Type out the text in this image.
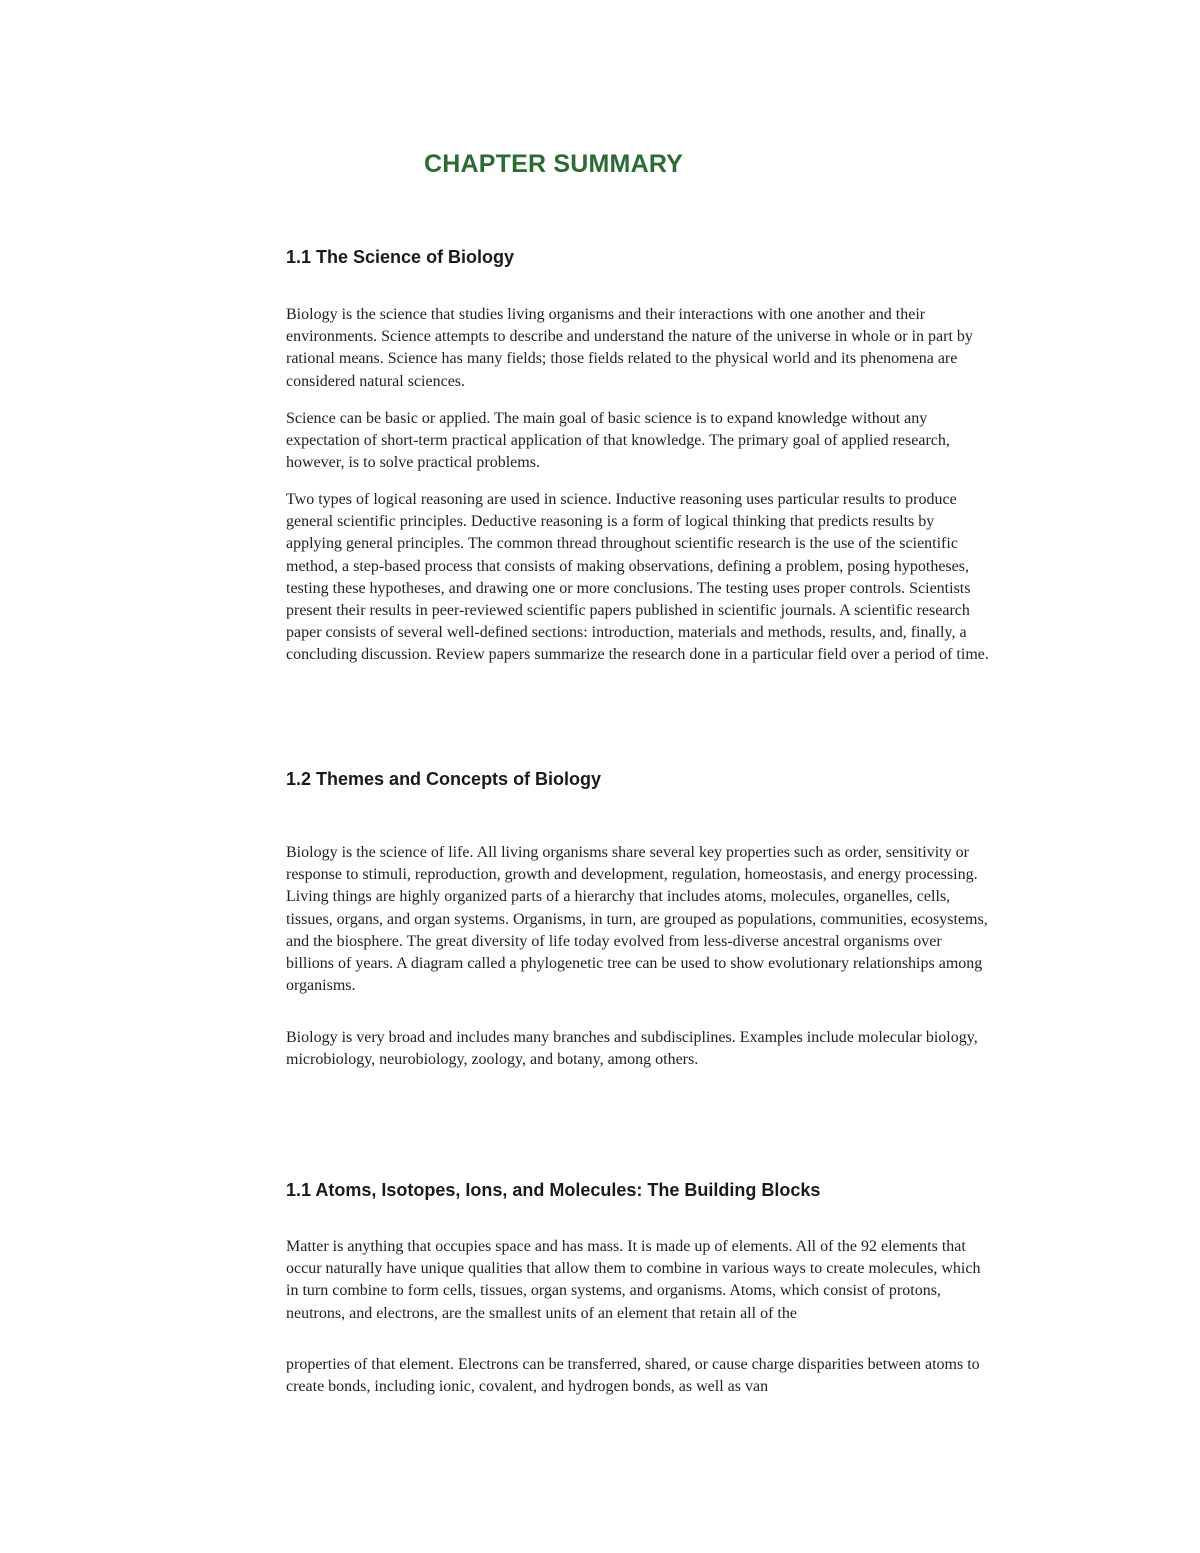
CHAPTER SUMMARY
1.1 The Science of Biology

Biology is the science that studies living organisms and their interactions with one another and their environments. Science attempts to describe and understand the nature of the universe in whole or in part by rational means. Science has many fields; those fields related to the physical world and its phenomena are considered natural sciences.

Science can be basic or applied. The main goal of basic science is to expand knowledge without any expectation of short-term practical application of that knowledge. The primary goal of applied research, however, is to solve practical problems.

Two types of logical reasoning are used in science. Inductive reasoning uses particular results to produce general scientific principles. Deductive reasoning is a form of logical thinking that predicts results by applying general principles. The common thread throughout scientific research is the use of the scientific method, a step-based process that consists of making observations, defining a problem, posing hypotheses, testing these hypotheses, and drawing one or more conclusions. The testing uses proper controls. Scientists present their results in peer-reviewed scientific papers published in scientific journals. A scientific research paper consists of several well-defined sections: introduction, materials and methods, results, and, finally, a concluding discussion. Review papers summarize the research done in a particular field over a period of time.

1.2 Themes and Concepts of Biology

Biology is the science of life. All living organisms share several key properties such as order, sensitivity or response to stimuli, reproduction, growth and development, regulation, homeostasis, and energy processing. Living things are highly organized parts of a hierarchy that includes atoms, molecules, organelles, cells, tissues, organs, and organ systems. Organisms, in turn, are grouped as populations, communities, ecosystems, and the biosphere. The great diversity of life today evolved from less-diverse ancestral organisms over billions of years. A diagram called a phylogenetic tree can be used to show evolutionary relationships among organisms.

Biology is very broad and includes many branches and subdisciplines. Examples include molecular biology, microbiology, neurobiology, zoology, and botany, among others.

1.1 Atoms, Isotopes, Ions, and Molecules: The Building Blocks

Matter is anything that occupies space and has mass. It is made up of elements. All of the 92 elements that occur naturally have unique qualities that allow them to combine in various ways to create molecules, which in turn combine to form cells, tissues, organ systems, and organisms. Atoms, which consist of protons, neutrons, and electrons, are the smallest units of an element that retain all of the

properties of that element. Electrons can be transferred, shared, or cause charge disparities between atoms to create bonds, including ionic, covalent, and hydrogen bonds, as well as van
